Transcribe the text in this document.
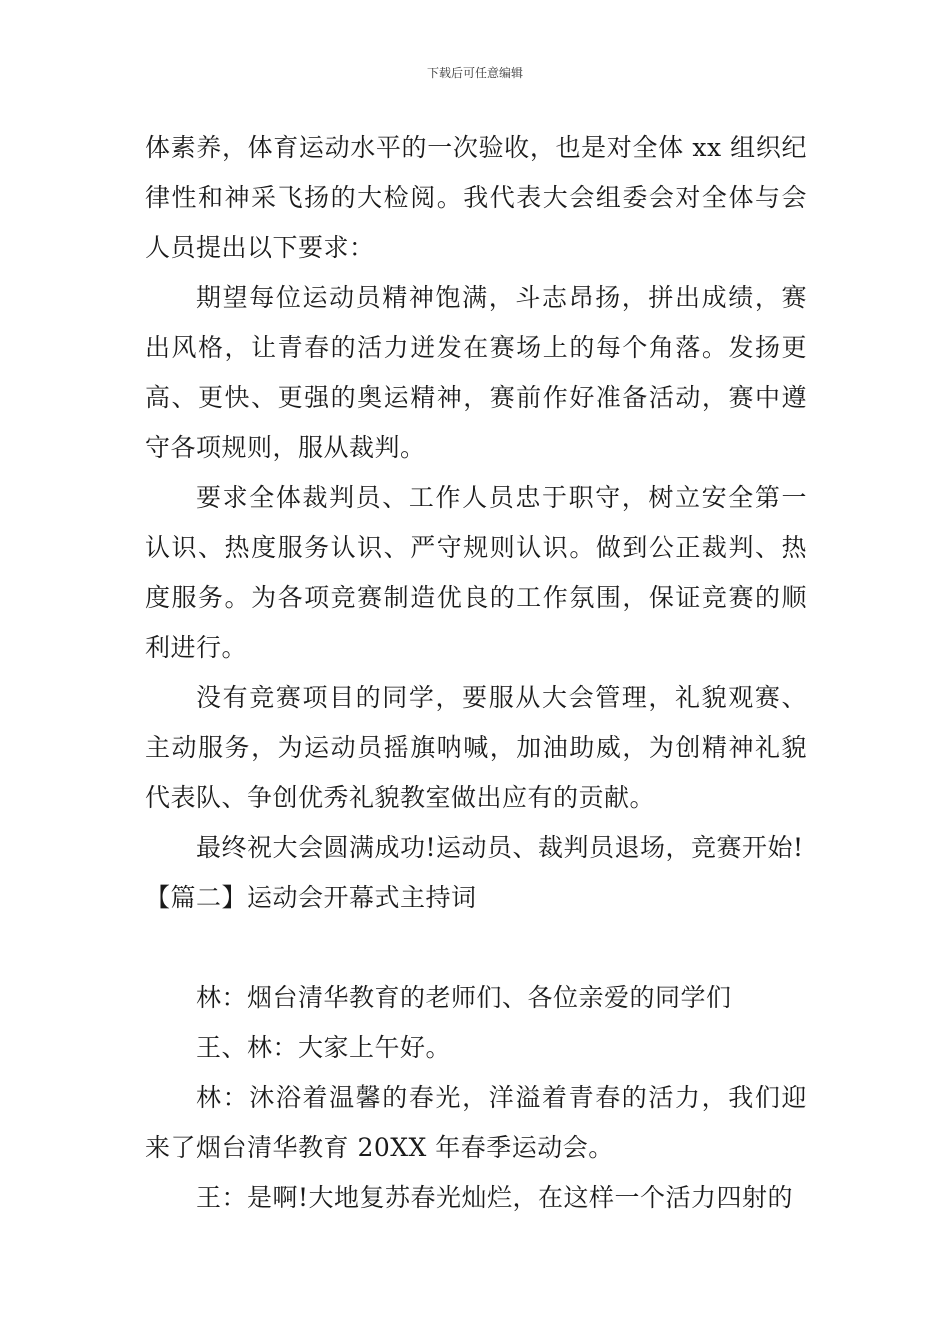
下载后可任意编辑

体素养，体育运动水平的一次验收，也是对全体 xx 组织纪律性和神采飞扬的大检阅。我代表大会组委会对全体与会人员提出以下要求：

期望每位运动员精神饱满，斗志昂扬，拼出成绩，赛出风格，让青春的活力迸发在赛场上的每个角落。发扬更高、更快、更强的奥运精神，赛前作好准备活动，赛中遵守各项规则，服从裁判。

要求全体裁判员、工作人员忠于职守，树立安全第一认识、热度服务认识、严守规则认识。做到公正裁判、热度服务。为各项竞赛制造优良的工作氛围，保证竞赛的顺利进行。

没有竞赛项目的同学，要服从大会管理，礼貌观赛、主动服务，为运动员摇旗呐喊，加油助威，为创精神礼貌代表队、争创优秀礼貌教室做出应有的贡献。

最终祝大会圆满成功!运动员、裁判员退场，竞赛开始!

【篇二】运动会开幕式主持词

林：烟台清华教育的老师们、各位亲爱的同学们

王、林：大家上午好。

林：沐浴着温馨的春光，洋溢着青春的活力，我们迎来了烟台清华教育 20XX 年春季运动会。

王：是啊!大地复苏春光灿烂，在这样一个活力四射的
